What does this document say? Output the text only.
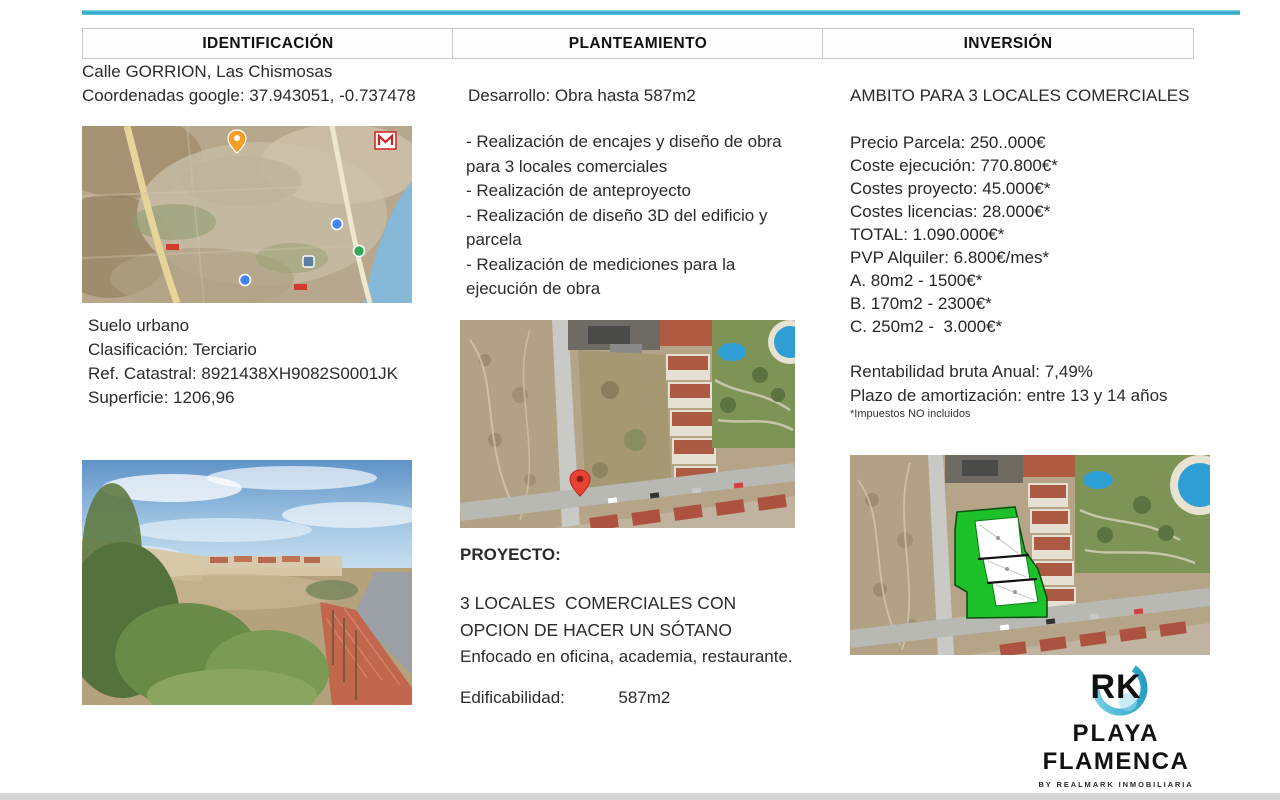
IDENTIFICACIÓN	PLANTEAMIENTO	INVERSIÓN
Calle GORRION, Las Chismosas
Coordenadas google: 37.943051, -0.737478
Suelo urbano
Clasificación: Terciario
Ref. Catastral: 8921438XH9082S0001JK
Superficie: 1206,96
Desarrollo: Obra hasta 587m2
- Realización de encajes y diseño de obra para 3 locales comerciales
- Realización de anteproyecto
- Realización de diseño 3D del edificio y parcela
- Realización de mediciones para la ejecución de obra
PROYECTO:
3 LOCALES  COMERCIALES CON OPCION DE HACER UN SÓTANO
Enfocado en oficina, academia, restaurante.
Edificabilidad:	587m2
AMBITO PARA 3 LOCALES COMERCIALES
Precio Parcela: 250..000€
Coste ejecución: 770.800€*
Costes proyecto: 45.000€*
Costes licencias: 28.000€*
TOTAL: 1.090.000€*
PVP Alquiler: 6.800€/mes*
A. 80m2 - 1500€*
B. 170m2 - 2300€*
C. 250m2 -  3.000€*
Rentabilidad bruta Anual: 7,49%
Plazo de amortización: entre 13 y 14 años
*Impuestos NO incluidos
RK
PLAYA
FLAMENCA
BY REALMARK INMOBILIARIA
